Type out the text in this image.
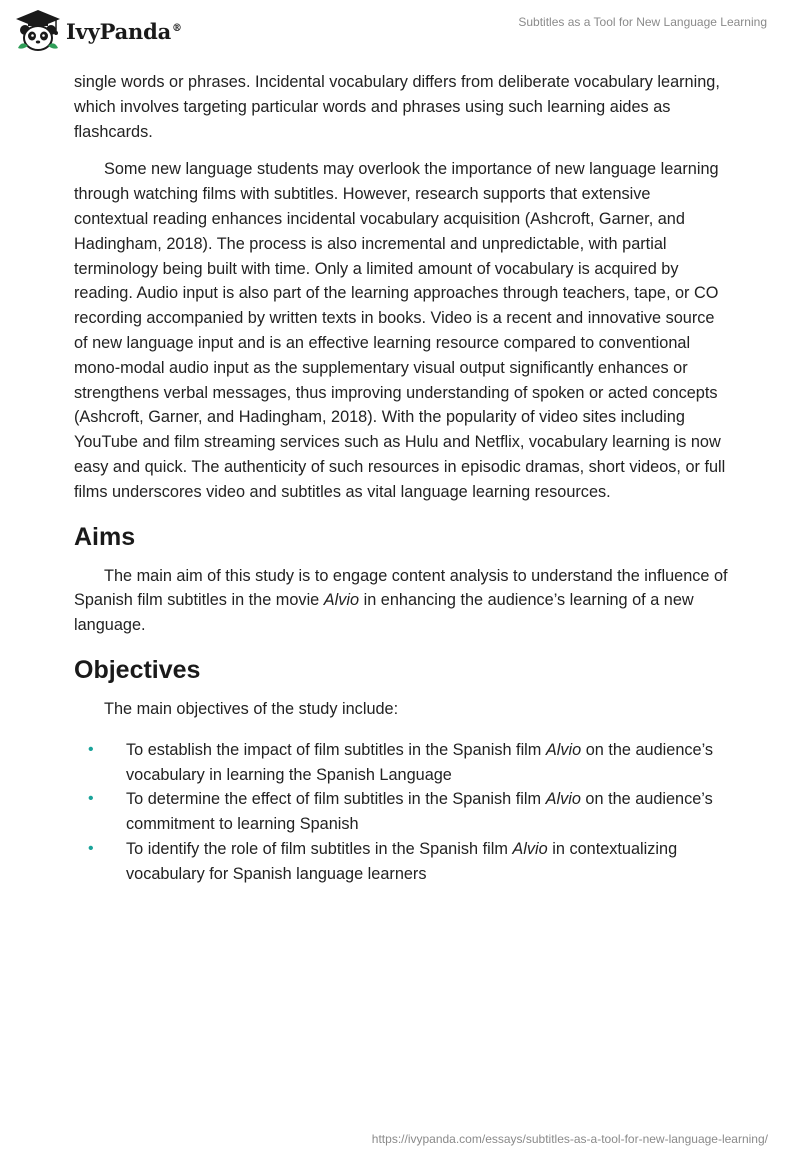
IvyPanda®	Subtitles as a Tool for New Language Learning

single words or phrases. Incidental vocabulary differs from deliberate vocabulary learning, which involves targeting particular words and phrases using such learning aides as flashcards.

Some new language students may overlook the importance of new language learning through watching films with subtitles. However, research supports that extensive contextual reading enhances incidental vocabulary acquisition (Ashcroft, Garner, and Hadingham, 2018). The process is also incremental and unpredictable, with partial terminology being built with time. Only a limited amount of vocabulary is acquired by reading. Audio input is also part of the learning approaches through teachers, tape, or CO recording accompanied by written texts in books. Video is a recent and innovative source of new language input and is an effective learning resource compared to conventional mono-modal audio input as the supplementary visual output significantly enhances or strengthens verbal messages, thus improving understanding of spoken or acted concepts (Ashcroft, Garner, and Hadingham, 2018). With the popularity of video sites including YouTube and film streaming services such as Hulu and Netflix, vocabulary learning is now easy and quick. The authenticity of such resources in episodic dramas, short videos, or full films underscores video and subtitles as vital language learning resources.

Aims

The main aim of this study is to engage content analysis to understand the influence of Spanish film subtitles in the movie Alvio in enhancing the audience’s learning of a new language.

Objectives

The main objectives of the study include:

• To establish the impact of film subtitles in the Spanish film Alvio on the audience’s vocabulary in learning the Spanish Language
• To determine the effect of film subtitles in the Spanish film Alvio on the audience’s commitment to learning Spanish
• To identify the role of film subtitles in the Spanish film Alvio in contextualizing vocabulary for Spanish language learners
https://ivypanda.com/essays/subtitles-as-a-tool-for-new-language-learning/
